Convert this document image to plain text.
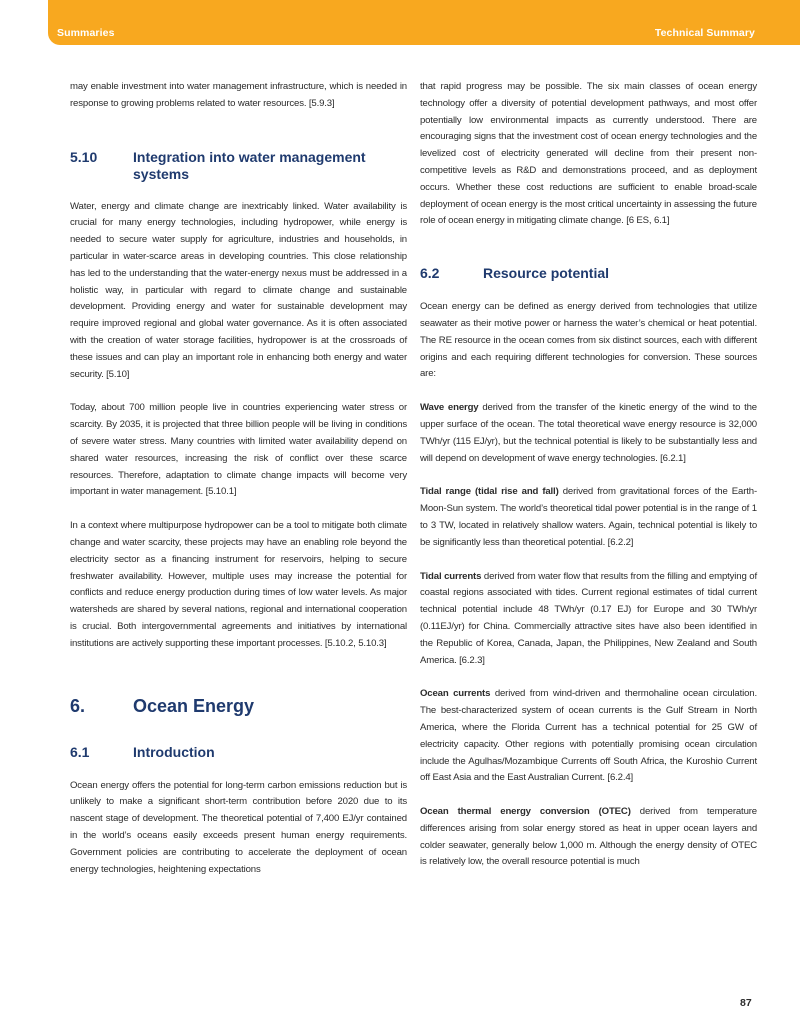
Summaries	Technical Summary

may enable investment into water management infrastructure, which is needed in response to growing problems related to water resources. [5.9.3]

5.10	Integration into water management systems

Water, energy and climate change are inextricably linked. Water availability is crucial for many energy technologies, including hydropower, while energy is needed to secure water supply for agriculture, industries and households, in particular in water-scarce areas in developing countries. This close relationship has led to the understanding that the water-energy nexus must be addressed in a holistic way, in particular with regard to climate change and sustainable development. Providing energy and water for sustainable development may require improved regional and global water governance. As it is often associated with the creation of water storage facilities, hydropower is at the crossroads of these issues and can play an important role in enhancing both energy and water security. [5.10]

Today, about 700 million people live in countries experiencing water stress or scarcity. By 2035, it is projected that three billion people will be living in conditions of severe water stress. Many countries with limited water availability depend on shared water resources, increasing the risk of conflict over these scarce resources. Therefore, adaptation to climate change impacts will become very important in water management. [5.10.1]

In a context where multipurpose hydropower can be a tool to mitigate both climate change and water scarcity, these projects may have an enabling role beyond the electricity sector as a financing instrument for reservoirs, helping to secure freshwater availability. However, multiple uses may increase the potential for conflicts and reduce energy production during times of low water levels. As major watersheds are shared by several nations, regional and international cooperation is crucial. Both intergovernmental agreements and initiatives by international institutions are actively supporting these important processes. [5.10.2, 5.10.3]

6.	Ocean Energy
6.1	Introduction

Ocean energy offers the potential for long-term carbon emissions reduction but is unlikely to make a significant short-term contribution before 2020 due to its nascent stage of development. The theoretical potential of 7,400 EJ/yr contained in the world’s oceans easily exceeds present human energy requirements. Government policies are contributing to accelerate the deployment of ocean energy technologies, heightening expectations

that rapid progress may be possible. The six main classes of ocean energy technology offer a diversity of potential development pathways, and most offer potentially low environmental impacts as currently understood. There are encouraging signs that the investment cost of ocean energy technologies and the levelized cost of electricity generated will decline from their present non-competitive levels as R&D and demonstrations proceed, and as deployment occurs. Whether these cost reductions are sufficient to enable broad-scale deployment of ocean energy is the most critical uncertainty in assessing the future role of ocean energy in mitigating climate change. [6 ES, 6.1]

6.2	Resource potential

Ocean energy can be defined as energy derived from technologies that utilize seawater as their motive power or harness the water’s chemical or heat potential. The RE resource in the ocean comes from six distinct sources, each with different origins and each requiring different technologies for conversion. These sources are:

Wave energy derived from the transfer of the kinetic energy of the wind to the upper surface of the ocean. The total theoretical wave energy resource is 32,000 TWh/yr (115 EJ/yr), but the technical potential is likely to be substantially less and will depend on development of wave energy technologies. [6.2.1]

Tidal range (tidal rise and fall) derived from gravitational forces of the Earth-Moon-Sun system. The world’s theoretical tidal power potential is in the range of 1 to 3 TW, located in relatively shallow waters. Again, technical potential is likely to be significantly less than theoretical potential. [6.2.2]

Tidal currents derived from water flow that results from the filling and emptying of coastal regions associated with tides. Current regional estimates of tidal current technical potential include 48 TWh/yr (0.17 EJ) for Europe and 30 TWh/yr (0.11EJ/yr) for China. Commercially attractive sites have also been identified in the Republic of Korea, Canada, Japan, the Philippines, New Zealand and South America. [6.2.3]

Ocean currents derived from wind-driven and thermohaline ocean circulation. The best-characterized system of ocean currents is the Gulf Stream in North America, where the Florida Current has a technical potential for 25 GW of electricity capacity. Other regions with potentially promising ocean circulation include the Agulhas/Mozambique Currents off South Africa, the Kuroshio Current off East Asia and the East Australian Current. [6.2.4]

Ocean thermal energy conversion (OTEC) derived from temperature differences arising from solar energy stored as heat in upper ocean layers and colder seawater, generally below 1,000 m. Although the energy density of OTEC is relatively low, the overall resource potential is much

87
